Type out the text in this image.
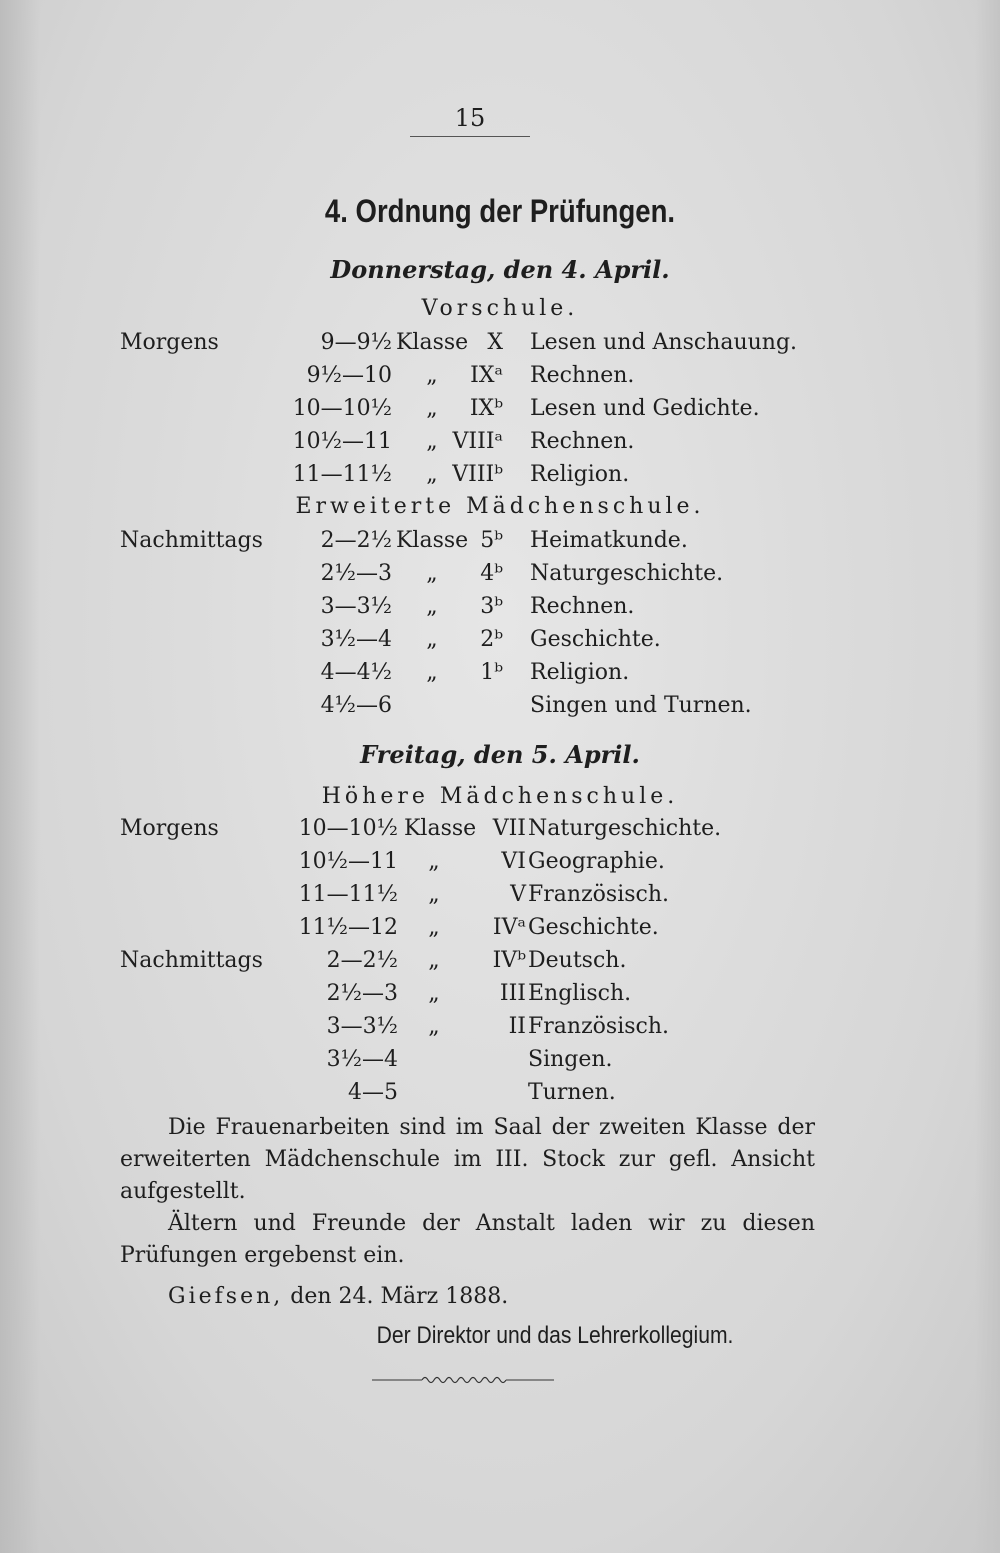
15
4. Ordnung der Prüfungen.
Donnerstag, den 4. April.
Vorschule.
Morgens	9—9½ Klasse X Lesen und Anschauung.
9½—10 „ IXᵃ Rechnen.
10—10½ „ IXᵇ Lesen und Gedichte.
10½—11 „ VIIIᵃ Rechnen.
11—11½ „ VIIIᵇ Religion.
Erweiterte Mädchenschule.
Nachmittags	2—2½ Klasse 5ᵇ Heimatkunde.
2½—3 „ 4ᵇ Naturgeschichte.
3—3½ „ 3ᵇ Rechnen.
3½—4 „ 2ᵇ Geschichte.
4—4½ „ 1ᵇ Religion.
4½—6	Singen und Turnen.
Freitag, den 5. April.
Höhere Mädchenschule.
Morgens	10—10½ Klasse VII Naturgeschichte.
10½—11 „	VI Geographie.
11—11½ „	V Französisch.
11½—12 „ IVᵃ Geschichte.
Nachmittags	2—2½ „ IVᵇ Deutsch.
2½—3 „	III Englisch.
3—3½ „	II Französisch.
3½—4	Singen.
4—5	Turnen.
Die Frauenarbeiten sind im Saal der zweiten Klasse der erweiterten Mädchenschule im III. Stock zur gefl. Ansicht aufgestellt.
Ältern und Freunde der Anstalt laden wir zu diesen Prüfungen ergebenst ein.
Giefsen, den 24. März 1888.
Der Direktor und das Lehrerkollegium.
